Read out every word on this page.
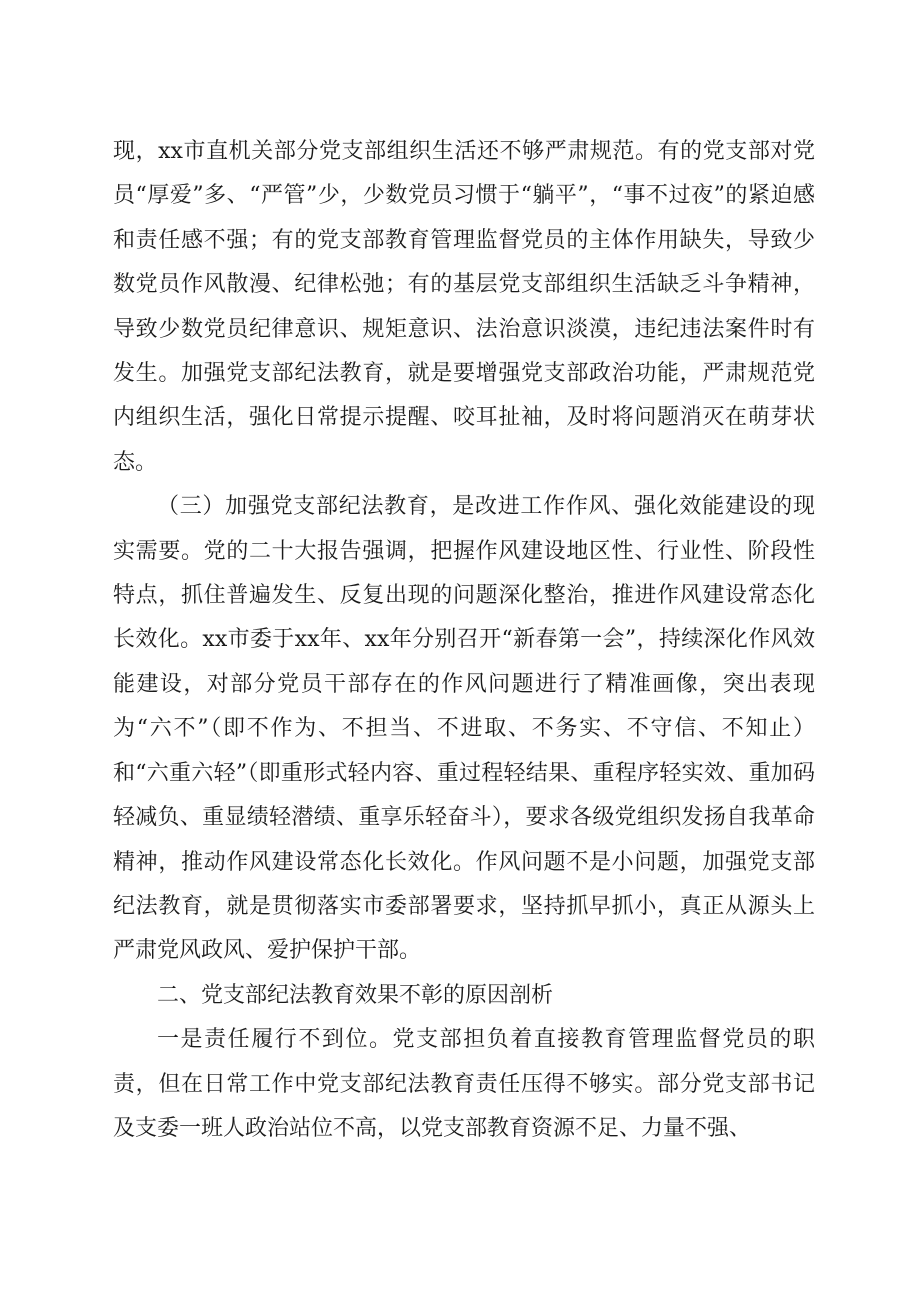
现，xx市直机关部分党支部组织生活还不够严肃规范。有的党支部对党员“厚爱”多、“严管”少，少数党员习惯于“躺平”，“事不过夜”的紧迫感和责任感不强；有的党支部教育管理监督党员的主体作用缺失，导致少数党员作风散漫、纪律松弛；有的基层党支部组织生活缺乏斗争精神，导致少数党员纪律意识、规矩意识、法治意识淡漠，违纪违法案件时有发生。加强党支部纪法教育，就是要增强党支部政治功能，严肃规范党内组织生活，强化日常提示提醒、咬耳扯袖，及时将问题消灭在萌芽状态。

（三）加强党支部纪法教育，是改进工作作风、强化效能建设的现实需要。党的二十大报告强调，把握作风建设地区性、行业性、阶段性特点，抓住普遍发生、反复出现的问题深化整治，推进作风建设常态化长效化。xx市委于xx年、xx年分别召开“新春第一会”，持续深化作风效能建设，对部分党员干部存在的作风问题进行了精准画像，突出表现为“六不”（即不作为、不担当、不进取、不务实、不守信、不知止）和“六重六轻”（即重形式轻内容、重过程轻结果、重程序轻实效、重加码轻减负、重显绩轻潜绩、重享乐轻奋斗），要求各级党组织发扬自我革命精神，推动作风建设常态化长效化。作风问题不是小问题，加强党支部纪法教育，就是贯彻落实市委部署要求，坚持抓早抓小，真正从源头上严肃党风政风、爱护保护干部。

二、党支部纪法教育效果不彰的原因剖析

一是责任履行不到位。党支部担负着直接教育管理监督党员的职责，但在日常工作中党支部纪法教育责任压得不够实。部分党支部书记及支委一班人政治站位不高，以党支部教育资源不足、力量不强、
